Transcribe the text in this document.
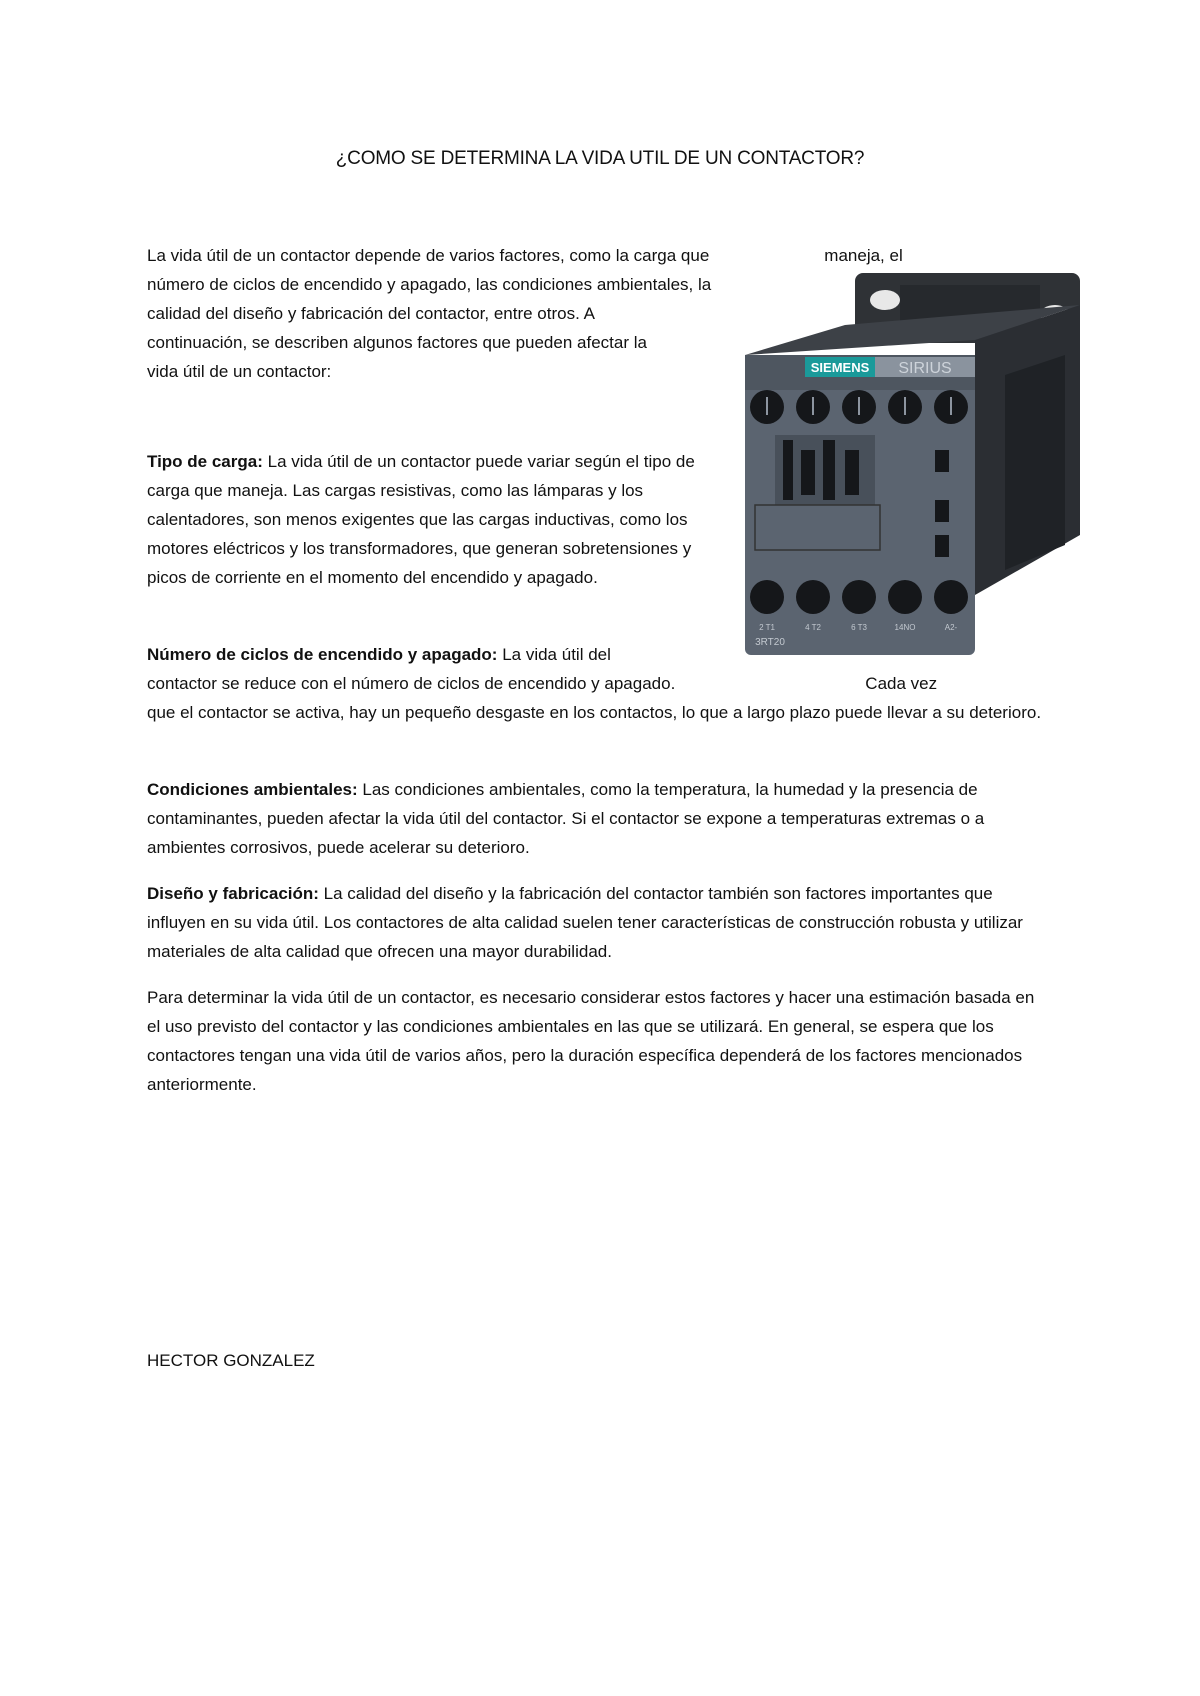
¿COMO SE DETERMINA LA VIDA UTIL DE UN CONTACTOR?
La vida útil de un contactor depende de varios factores, como la carga que	maneja, el
número de ciclos de encendido y apagado, las condiciones ambientales, la
calidad del diseño y fabricación del contactor, entre otros. A
continuación, se describen algunos factores que pueden afectar la
vida útil de un contactor:

Tipo de carga: La vida útil de un contactor puede variar según el tipo de carga que maneja. Las cargas resistivas, como las lámparas y los calentadores, son menos exigentes que las cargas inductivas, como los motores eléctricos y los transformadores, que generan sobretensiones y picos de corriente en el momento del encendido y apagado.

Número de ciclos de encendido y apagado: La vida útil del
contactor se reduce con el número de ciclos de encendido y apagado.	Cada vez
que el contactor se activa, hay un pequeño desgaste en los contactos, lo que a largo plazo puede llevar a su deterioro.

Condiciones ambientales: Las condiciones ambientales, como la temperatura, la humedad y la presencia de contaminantes, pueden afectar la vida útil del contactor. Si el contactor se expone a temperaturas extremas o a ambientes corrosivos, puede acelerar su deterioro.

Diseño y fabricación: La calidad del diseño y la fabricación del contactor también son factores importantes que influyen en su vida útil. Los contactores de alta calidad suelen tener características de construcción robusta y utilizar materiales de alta calidad que ofrecen una mayor durabilidad.

Para determinar la vida útil de un contactor, es necesario considerar estos factores y hacer una estimación basada en el uso previsto del contactor y las condiciones ambientales en las que se utilizará. En general, se espera que los contactores tengan una vida útil de varios años, pero la duración específica dependerá de los factores mencionados anteriormente.

HECTOR GONZALEZ
SIEMENS SIRIUS
2 T1	4 T2	6 T3	14NO	A2-
3RT20
